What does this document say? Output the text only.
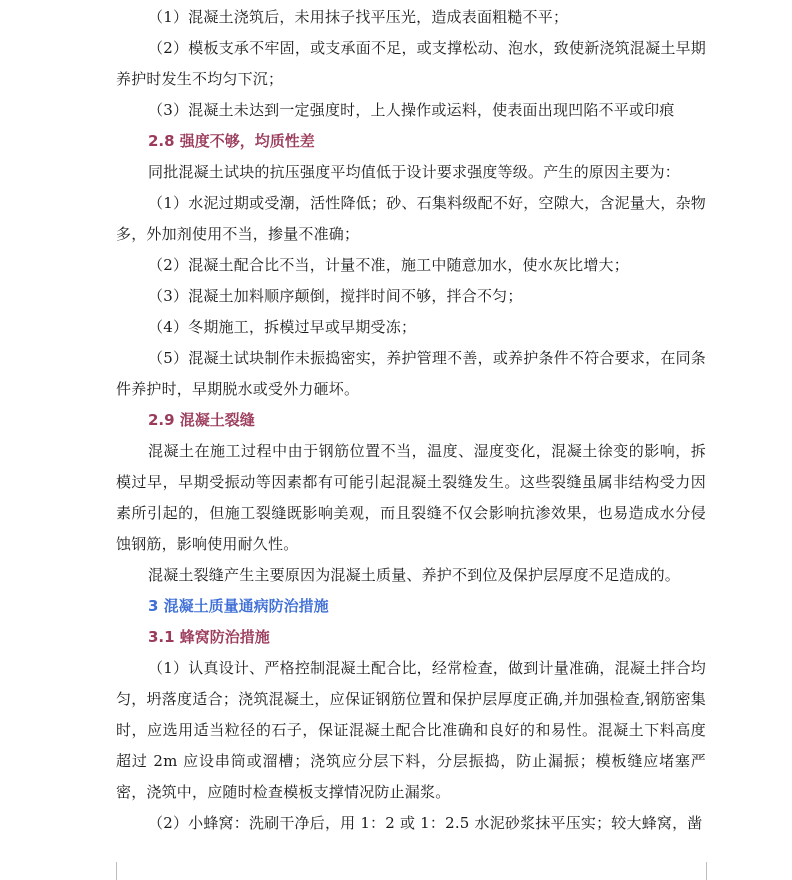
（1）混凝土浇筑后，未用抹子找平压光，造成表面粗糙不平；

（2）模板支承不牢固，或支承面不足，或支撑松动、泡水，致使新浇筑混凝土早期养护时发生不均匀下沉；

（3）混凝土未达到一定强度时，上人操作或运料，使表面出现凹陷不平或印痕

2.8 强度不够，均质性差

同批混凝土试块的抗压强度平均值低于设计要求强度等级。产生的原因主要为：

（1）水泥过期或受潮，活性降低；砂、石集料级配不好，空隙大，含泥量大，杂物多，外加剂使用不当，掺量不准确；

（2）混凝土配合比不当，计量不准，施工中随意加水，使水灰比增大；

（3）混凝土加料顺序颠倒，搅拌时间不够，拌合不匀；

（4）冬期施工，拆模过早或早期受冻；

（5）混凝土试块制作未振捣密实，养护管理不善，或养护条件不符合要求，在同条件养护时，早期脱水或受外力砸坏。

2.9 混凝土裂缝

混凝土在施工过程中由于钢筋位置不当，温度、湿度变化，混凝土徐变的影响，拆模过早，早期受振动等因素都有可能引起混凝土裂缝发生。这些裂缝虽属非结构受力因素所引起的，但施工裂缝既影响美观，而且裂缝不仅会影响抗渗效果，也易造成水分侵蚀钢筋，影响使用耐久性。

混凝土裂缝产生主要原因为混凝土质量、养护不到位及保护层厚度不足造成的。

3 混凝土质量通病防治措施
3.1 蜂窝防治措施

（1）认真设计、严格控制混凝土配合比，经常检查，做到计量准确，混凝土拌合均匀，坍落度适合；浇筑混凝土，应保证钢筋位置和保护层厚度正确,并加强检查,钢筋密集时，应选用适当粒径的石子，保证混凝土配合比准确和良好的和易性。混凝土下料高度超过 2m 应设串筒或溜槽；浇筑应分层下料，分层振捣，防止漏振；模板缝应堵塞严密，浇筑中，应随时检查模板支撑情况防止漏浆。

（2）小蜂窝：洗刷干净后，用 1：2 或 1：2.5 水泥砂浆抹平压实；较大蜂窝，凿
